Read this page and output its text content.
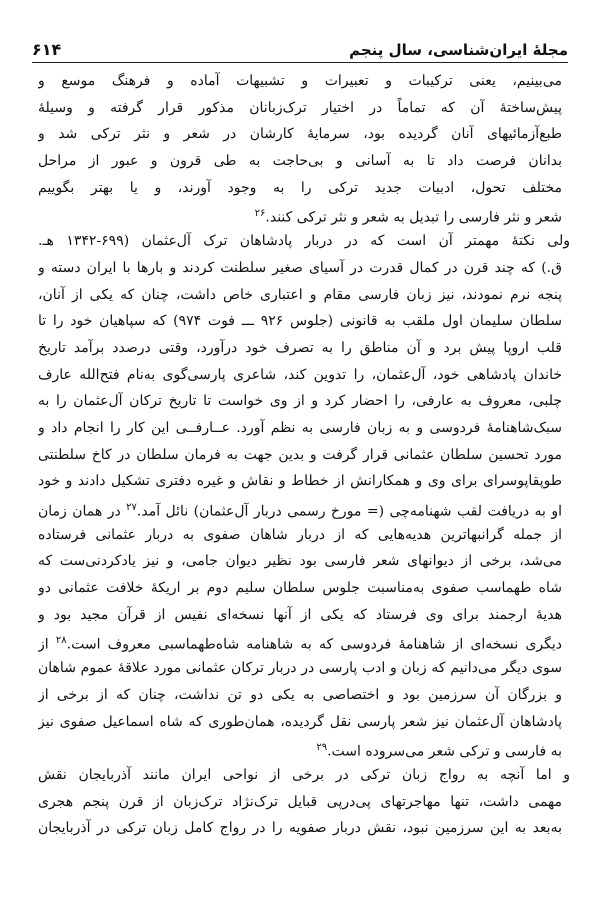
مجلهٔ ایران‌شناسی، سال پنجم
۶۱۴
می‌بینیم، یعنی ترکیبات و تعبیرات و تشبیهات آماده و فرهنگ موسع و
پیش‌ساختهٔ آن که تماماً در اختیار ترک‌زبانان مذکور قرار گرفته و وسیلهٔ
طبع‌آزمائیهای آنان گردیده بود، سرمایهٔ کارشان در شعر و نثر ترکی شد و
بدانان فرصت داد تا به آسانی و بی‌حاجت به طی قرون و عبور از مراحل
مختلف تحول، ادبیات جدید ترکی را به وجود آورند، و یا بهتر بگوییم
شعر و نثر فارسی را تبدیل به شعر و نثر ترکی کنند.$^{۲۶}$
ولی نکتهٔ مهمتر آن است که در دربار پادشاهان ترک آل‌عثمان (۶۹۹-۱۳۴۲ هـ.
ق.) که چند قرن در کمال قدرت در آسیای صغیر سلطنت کردند و بارها با ایران دسته و
پنجه نرم نمودند، نیز زبان فارسی مقام و اعتباری خاص داشت، چنان که یکی از آنان،
سلطان سلیمان اول ملقب به قانونی (جلوس ۹۲۶ ـــ فوت ۹۷۴) که سپاهیان خود را تا
قلب اروپا پیش برد و آن مناطق را به تصرف خود درآورد، وقتی درصدد برآمد تاریخ
خاندان پادشاهی خود، آل‌عثمان، را تدوین کند، شاعری پارسی‌گوی به‌نام فتح‌الله عارف
چلبی، معروف به عارفی، را احضار کرد و از وی خواست تا تاریخ ترکان آل‌عثمان را به
سبک‌شاهنامهٔ فردوسی و به زبان فارسی به نظم آورد. عــارفــی این کار را انجام داد و
مورد تحسین سلطان عثمانی قرار گرفت و بدین جهت به فرمان سلطان در کاخ سلطنتی
طوپقاپوسرای برای وی و همکارانش از خطاط و نقاش و غیره دفتری تشکیل دادند و خود
او به دریافت لقب شهنامه‌چی (= مورخ رسمی دربار آل‌عثمان) نائل آمد.$^{۲۷}$ در همان زمان
از جمله گرانبهاترین هدیه‌هایی که از دربار شاهان صفوی به دربار عثمانی فرستاده
می‌شد، برخی از دیوانهای شعر فارسی بود نظیر دیوان جامی، و نیز یادکردنی‌ست که
شاه طهماسب صفوی به‌مناسبت جلوس سلطان سلیم دوم بر اریکهٔ خلافت عثمانی دو
هدیهٔ ارجمند برای وی فرستاد که یکی از آنها نسخه‌ای نفیس از قرآن مجید بود و
دیگری نسخه‌ای از شاهنامهٔ فردوسی که به شاهنامه شاه‌طهماسبی معروف است.$^{۲۸}$ از
سوی دیگر می‌دانیم که زبان و ادب پارسی در دربار ترکان عثمانی مورد علاقهٔ عموم شاهان
و بزرگان آن سرزمین بود و اختصاصی به یکی دو تن نداشت، چنان که از برخی از
پادشاهان آل‌عثمان نیز شعر پارسی نقل گردیده، همان‌طوری که شاه اسماعیل صفوی نیز
به فارسی و ترکی شعر می‌سروده است.$^{۲۹}$
و اما آنچه به رواج زبان ترکی در برخی از نواحی ایران مانند آذربایجان نقش
مهمی داشت، تنها مهاجرتهای پی‌درپی قبایل ترک‌نژاد ترک‌زبان از قرن پنجم هجری
به‌بعد به این سرزمین نبود، نقش دربار صفویه را در رواج کامل زبان ترکی در آذربایجان
